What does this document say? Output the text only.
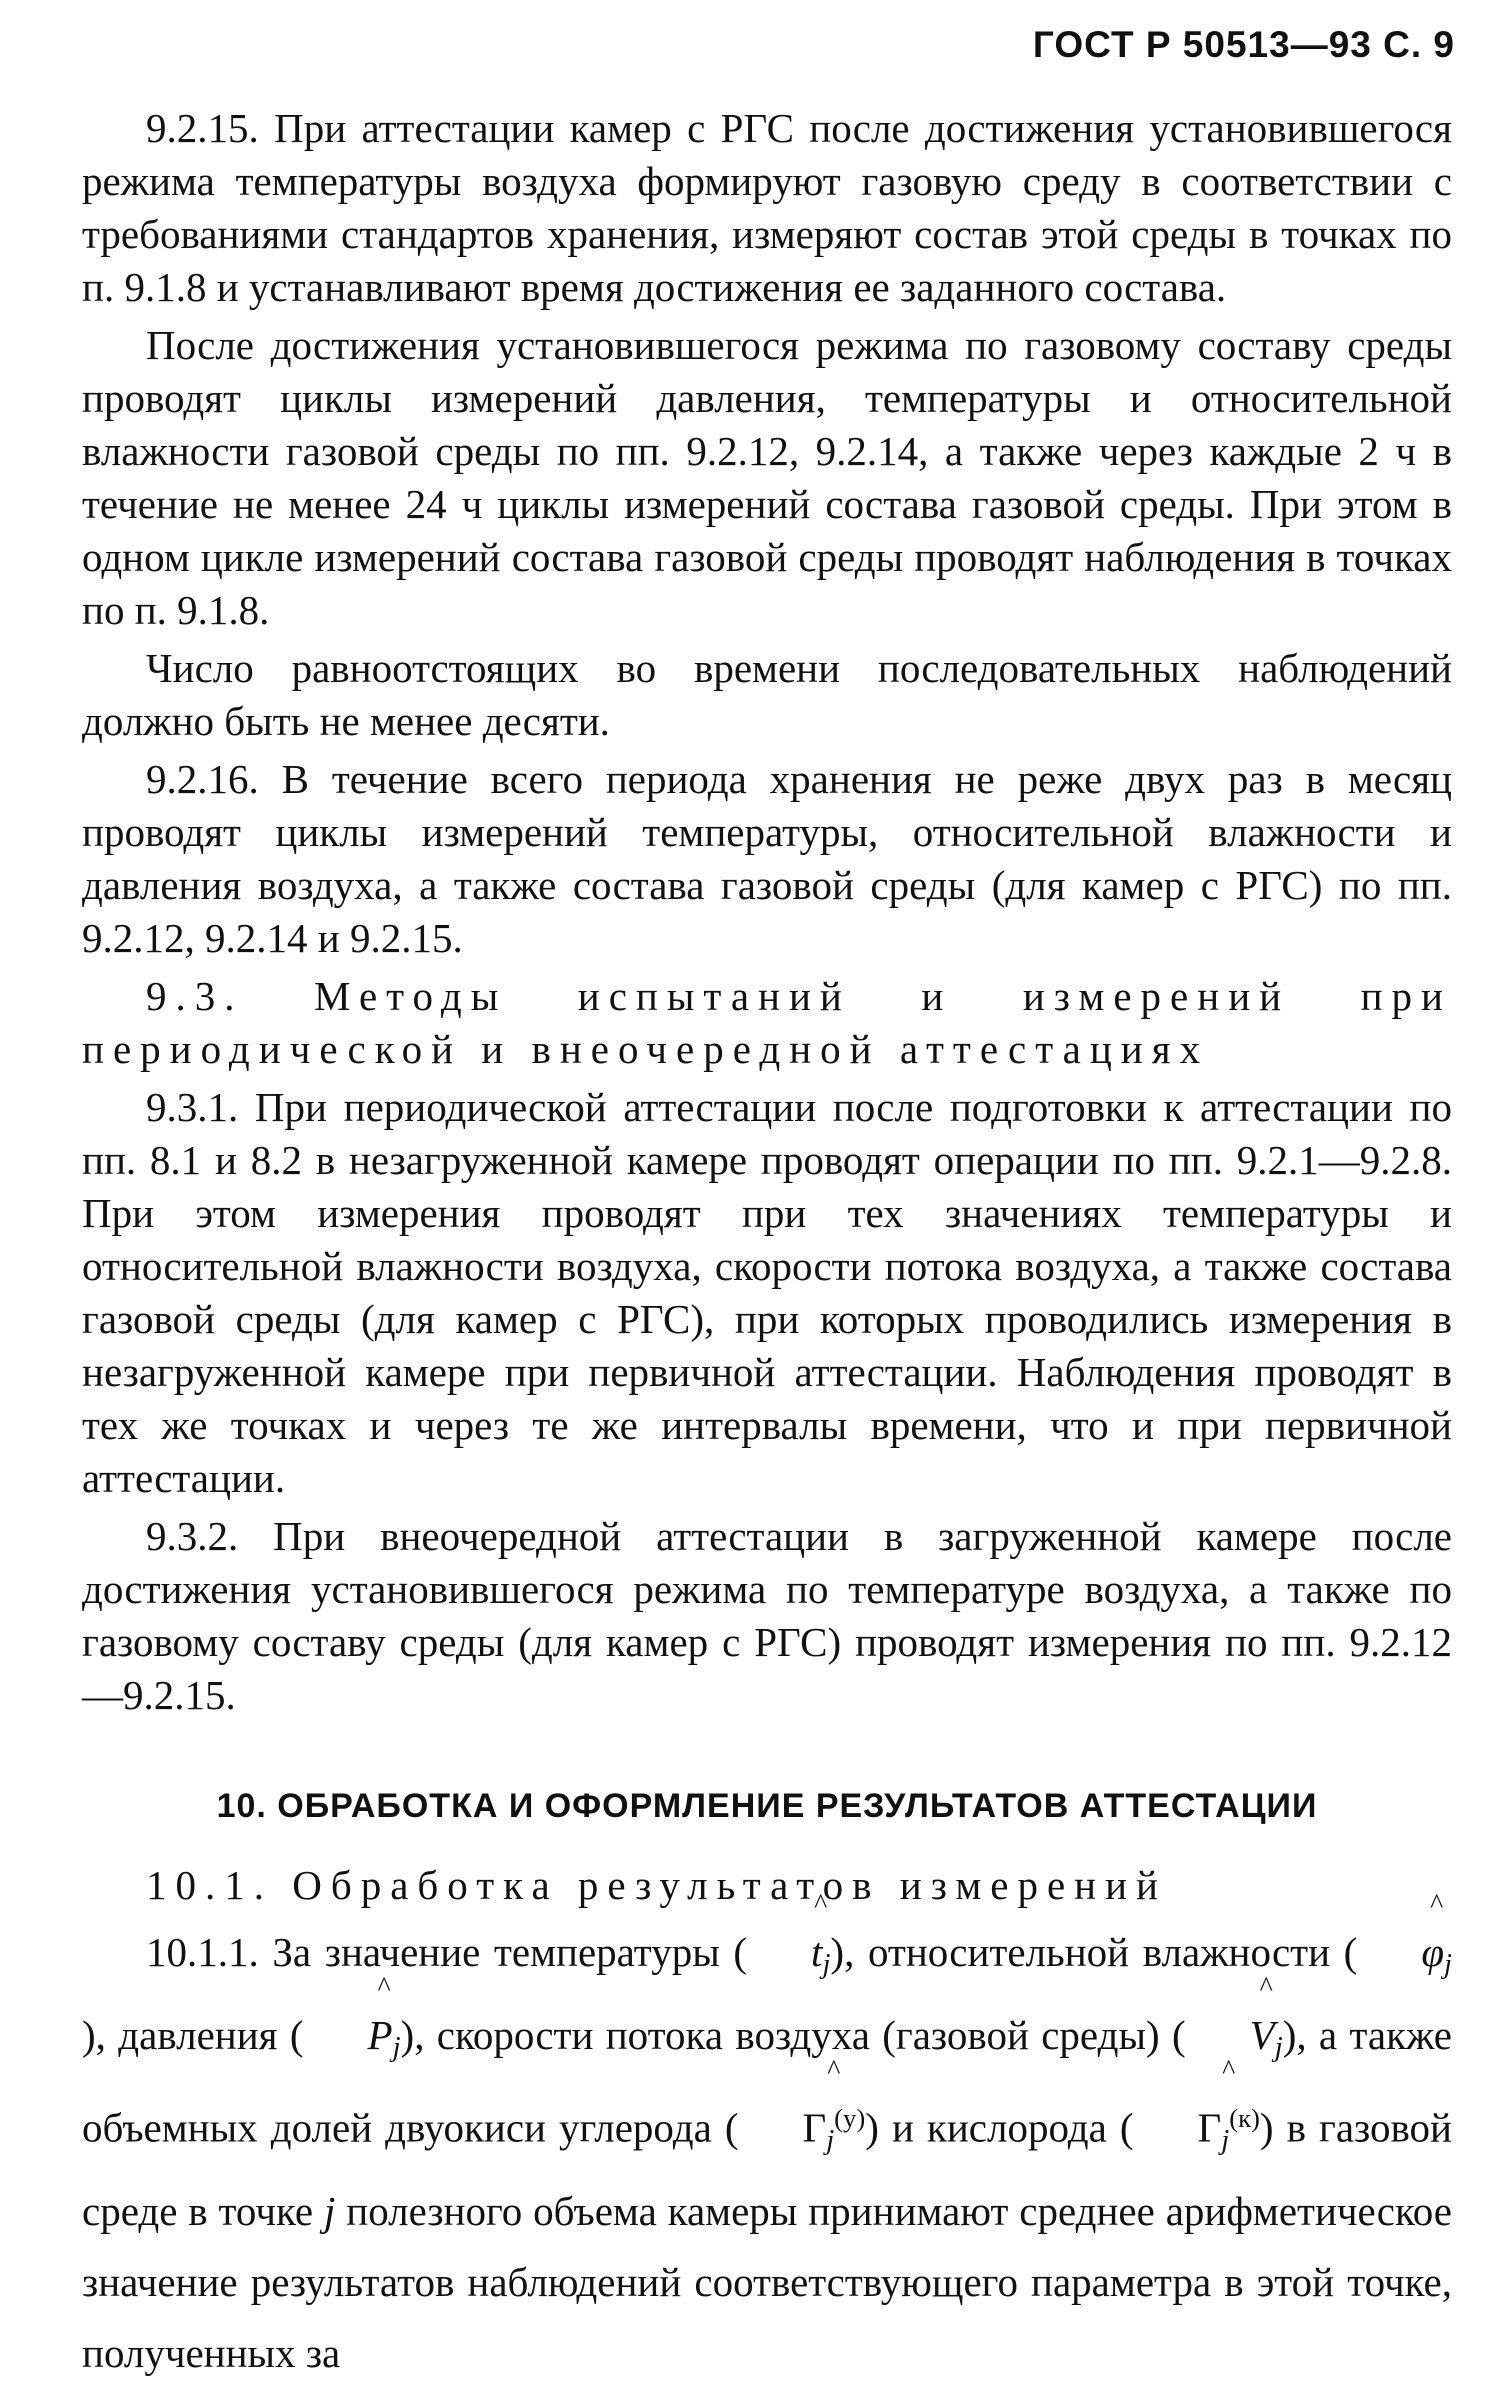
ГОСТ Р 50513—93 С. 9

9.2.15. При аттестации камер с РГС после достижения установившегося режима температуры воздуха формируют газовую среду в соответствии с требованиями стандартов хранения, измеряют состав этой среды в точках по п. 9.1.8 и устанавливают время достижения ее заданного состава.

После достижения установившегося режима по газовому составу среды проводят циклы измерений давления, температуры и относительной влажности газовой среды по пп. 9.2.12, 9.2.14, а также через каждые 2 ч в течение не менее 24 ч циклы измерений состава газовой среды. При этом в одном цикле измерений состава газовой среды проводят наблюдения в точках по п. 9.1.8.

Число равноотстоящих во времени последовательных наблюдений должно быть не менее десяти.

9.2.16. В течение всего периода хранения не реже двух раз в месяц проводят циклы измерений температуры, относительной влажности и давления воздуха, а также состава газовой среды (для камер с РГС) по пп. 9.2.12, 9.2.14 и 9.2.15.

9.3. Методы испытаний и измерений при периодической и внеочередной аттестациях

9.3.1. При периодической аттестации после подготовки к аттестации по пп. 8.1 и 8.2 в незагруженной камере проводят операции по пп. 9.2.1—9.2.8. При этом измерения проводят при тех значениях температуры и относительной влажности воздуха, скорости потока воздуха, а также состава газовой среды (для камер с РГС), при которых проводились измерения в незагруженной камере при первичной аттестации. Наблюдения проводят в тех же точках и через те же интервалы времени, что и при первичной аттестации.

9.3.2. При внеочередной аттестации в загруженной камере после достижения установившегося режима по температуре воздуха, а также по газовому составу среды (для камер с РГС) проводят измерения по пп. 9.2.12—9.2.15.

10. ОБРАБОТКА И ОФОРМЛЕНИЕ РЕЗУЛЬТАТОВ АТТЕСТАЦИИ

10.1. Обработка результатов измерений

10.1.1. За значение температуры ( ^ $t_j$), относительной влажности ( ^ $\varphi_j$), давления ( ^ $P_j$), скорости потока воздуха (газовой среды) ( ^ $V_j$), а также объемных долей двуокиси углерода ( ^ $Г_j^{(у)}$) и кислорода ( ^ $Г_j^{(к)}$) в газовой среде в точке j полезного объема камеры принимают среднее арифметическое значение результатов наблюдений соответствующего параметра в этой точке, полученных за
